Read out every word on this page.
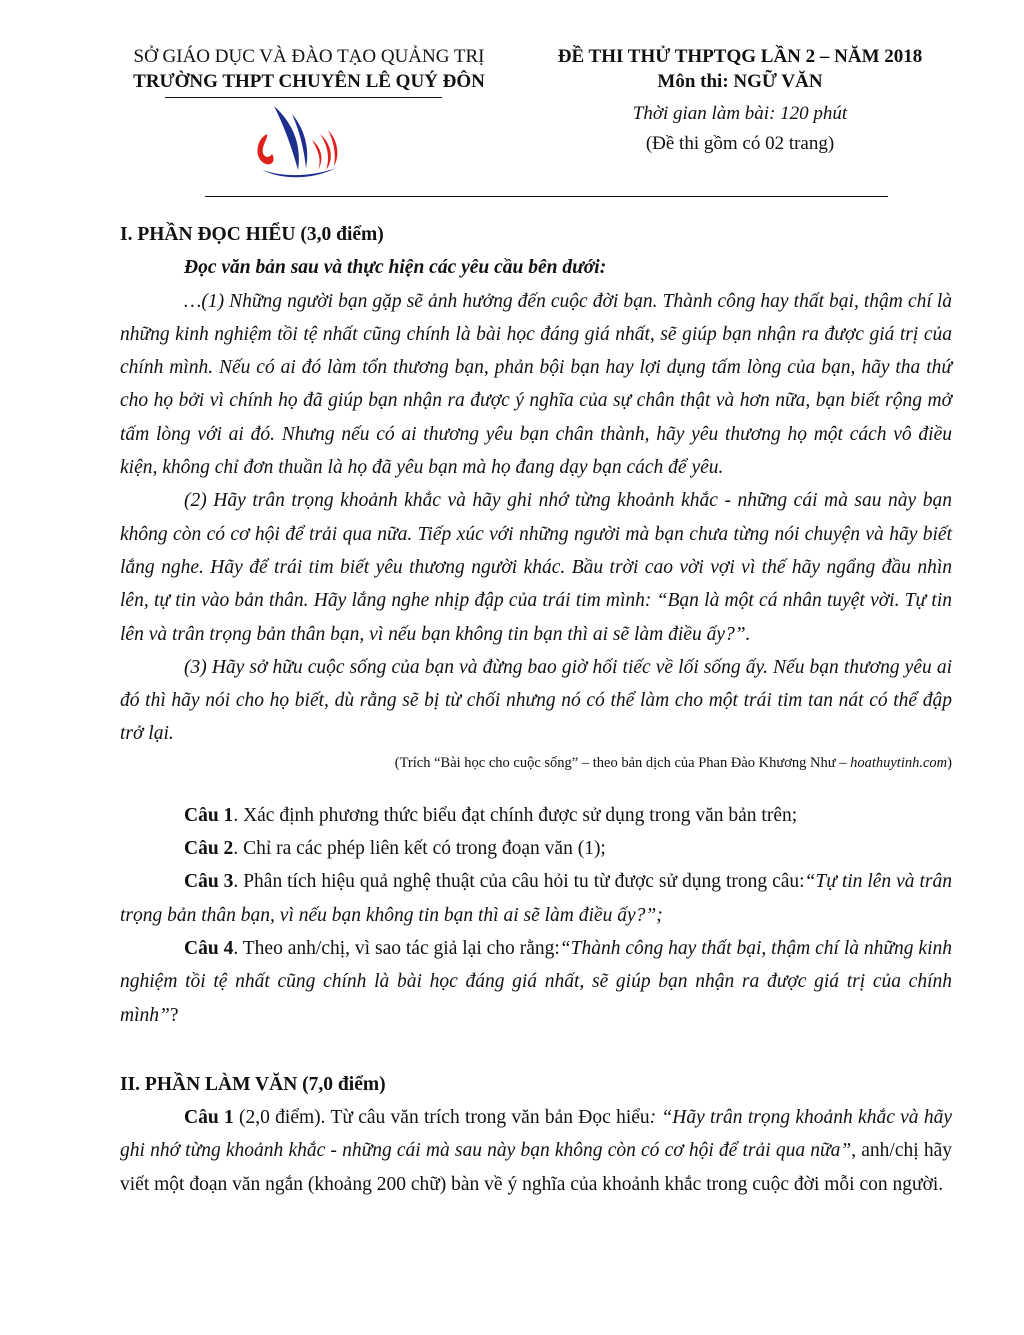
SỞ GIÁO DỤC VÀ ĐÀO TẠO QUẢNG TRỊ
TRƯỜNG THPT CHUYÊN LÊ QUÝ ĐÔN
ĐỀ THI THỬ THPTQG LẦN 2 – NĂM 2018
Môn thi: NGỮ VĂN
Thời gian làm bài: 120 phút
(Đề thi gồm có 02 trang)

I. PHẦN ĐỌC HIỂU (3,0 điểm)

Đọc văn bản sau và thực hiện các yêu cầu bên dưới:

…(1) Những người bạn gặp sẽ ảnh hưởng đến cuộc đời bạn. Thành công hay thất bại, thậm chí là những kinh nghiệm tồi tệ nhất cũng chính là bài học đáng giá nhất, sẽ giúp bạn nhận ra được giá trị của chính mình. Nếu có ai đó làm tổn thương bạn, phản bội bạn hay lợi dụng tấm lòng của bạn, hãy tha thứ cho họ bởi vì chính họ đã giúp bạn nhận ra được ý nghĩa của sự chân thật và hơn nữa, bạn biết rộng mở tấm lòng với ai đó. Nhưng nếu có ai thương yêu bạn chân thành, hãy yêu thương họ một cách vô điều kiện, không chỉ đơn thuần là họ đã yêu bạn mà họ đang dạy bạn cách để yêu.

(2) Hãy trân trọng khoảnh khắc và hãy ghi nhớ từng khoảnh khắc - những cái mà sau này bạn không còn có cơ hội để trải qua nữa. Tiếp xúc với những người mà bạn chưa từng nói chuyện và hãy biết lắng nghe. Hãy để trái tim biết yêu thương người khác. Bầu trời cao vời vợi vì thế hãy ngẩng đầu nhìn lên, tự tin vào bản thân. Hãy lắng nghe nhịp đập của trái tim mình: “Bạn là một cá nhân tuyệt vời. Tự tin lên và trân trọng bản thân bạn, vì nếu bạn không tin bạn thì ai sẽ làm điều ấy?”.

(3) Hãy sở hữu cuộc sống của bạn và đừng bao giờ hối tiếc về lối sống ấy. Nếu bạn thương yêu ai đó thì hãy nói cho họ biết, dù rằng sẽ bị từ chối nhưng nó có thể làm cho một trái tim tan nát có thể đập trở lại.

(Trích “Bài học cho cuộc sống” – theo bản dịch của Phan Đào Khương Như – hoathuytinh.com)

Câu 1. Xác định phương thức biểu đạt chính được sử dụng trong văn bản trên;

Câu 2. Chỉ ra các phép liên kết có trong đoạn văn (1);

Câu 3. Phân tích hiệu quả nghệ thuật của câu hỏi tu từ được sử dụng trong câu:“Tự tin lên và trân trọng bản thân bạn, vì nếu bạn không tin bạn thì ai sẽ làm điều ấy?”;

Câu 4. Theo anh/chị, vì sao tác giả lại cho rằng:“Thành công hay thất bại, thậm chí là những kinh nghiệm tồi tệ nhất cũng chính là bài học đáng giá nhất, sẽ giúp bạn nhận ra được giá trị của chính mình”?

II. PHẦN LÀM VĂN (7,0 điểm)

Câu 1 (2,0 điểm). Từ câu văn trích trong văn bản Đọc hiểu: “Hãy trân trọng khoảnh khắc và hãy ghi nhớ từng khoảnh khắc - những cái mà sau này bạn không còn có cơ hội để trải qua nữa”, anh/chị hãy viết một đoạn văn ngắn (khoảng 200 chữ) bàn về ý nghĩa của khoảnh khắc trong cuộc đời mỗi con người.
